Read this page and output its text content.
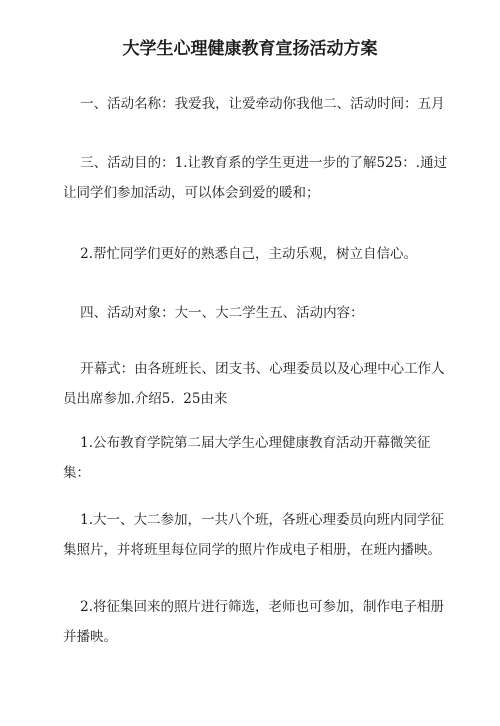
大学生心理健康教育宣扬活动方案

一、活动名称：我爱我，让爱牵动你我他二、活动时间：五月

三、活动目的：1.让教育系的学生更进一步的了解525：.通过
让同学们参加活动，可以体会到爱的暖和；

2.帮忙同学们更好的熟悉自己，主动乐观，树立自信心。

四、活动对象：大一、大二学生五、活动内容：

开幕式：由各班班长、团支书、心理委员以及心理中心工作人
员出席参加.介绍5.  25由来

1.公布教育学院第二届大学生心理健康教育活动开幕微笑征
集：

1.大一、大二参加，一共八个班，各班心理委员向班内同学征
集照片，并将班里每位同学的照片作成电子相册，在班内播映。

2.将征集回来的照片进行筛选，老师也可参加，制作电子相册
并播映。
